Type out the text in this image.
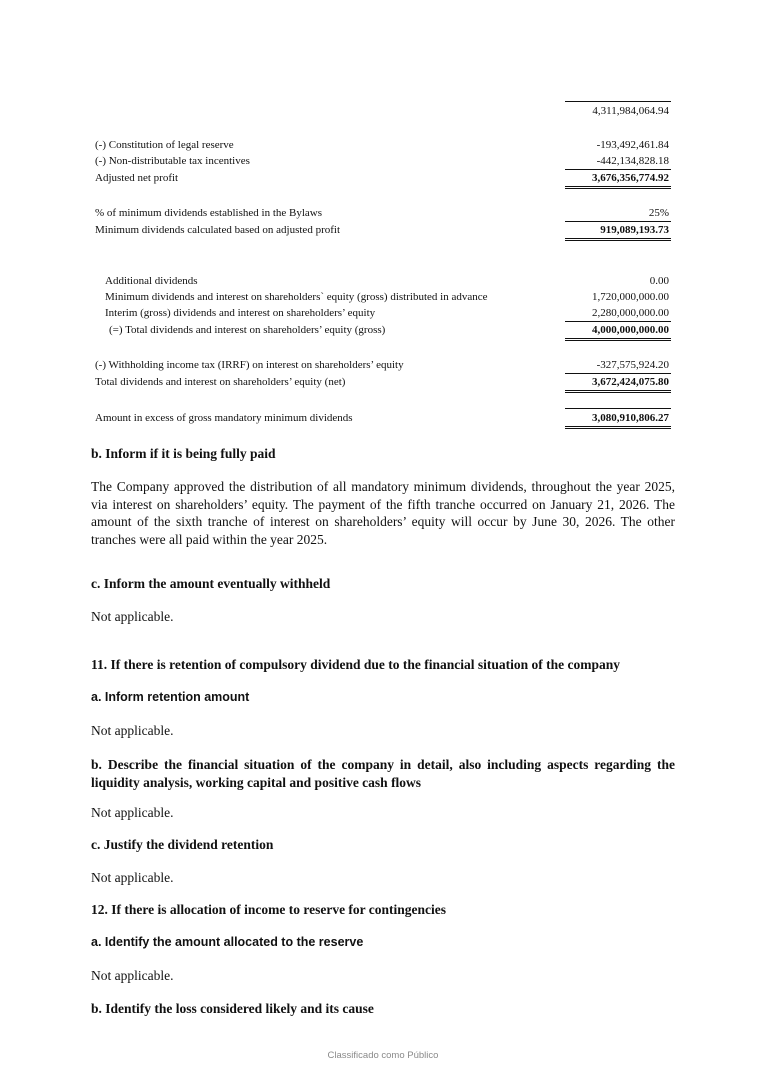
4,311,984,064.94
(-) Constitution of legal reserve	-193,492,461.84
(-) Non-distributable tax incentives	-442,134,828.18
Adjusted net profit	3,676,356,774.92
% of minimum dividends established in the Bylaws	25%
Minimum dividends calculated based on adjusted profit	919,089,193.73
Additional dividends	0.00
Minimum dividends and interest on shareholders` equity (gross) distributed in advance	1,720,000,000.00
Interim (gross) dividends and interest on shareholders’ equity	2,280,000,000.00
(=) Total dividends and interest on shareholders’ equity (gross)	4,000,000,000.00
(-) Withholding income tax (IRRF) on interest on shareholders’ equity	-327,575,924.20
Total dividends and interest on shareholders’ equity (net)	3,672,424,075.80
Amount in excess of gross mandatory minimum dividends	3,080,910,806.27
b. Inform if it is being fully paid
The Company approved the distribution of all mandatory minimum dividends, throughout the year 2025, via interest on shareholders’ equity. The payment of the fifth tranche occurred on January 21, 2026. The amount of the sixth tranche of interest on shareholders’ equity will occur by June 30, 2026. The other tranches were all paid within the year 2025.
c. Inform the amount eventually withheld
Not applicable.
11. If there is retention of compulsory dividend due to the financial situation of the company
a. Inform retention amount
Not applicable.
b. Describe the financial situation of the company in detail, also including aspects regarding the liquidity analysis, working capital and positive cash flows
Not applicable.
c. Justify the dividend retention
Not applicable.
12. If there is allocation of income to reserve for contingencies
a. Identify the amount allocated to the reserve
Not applicable.
b. Identify the loss considered likely and its cause
Classificado como Público
